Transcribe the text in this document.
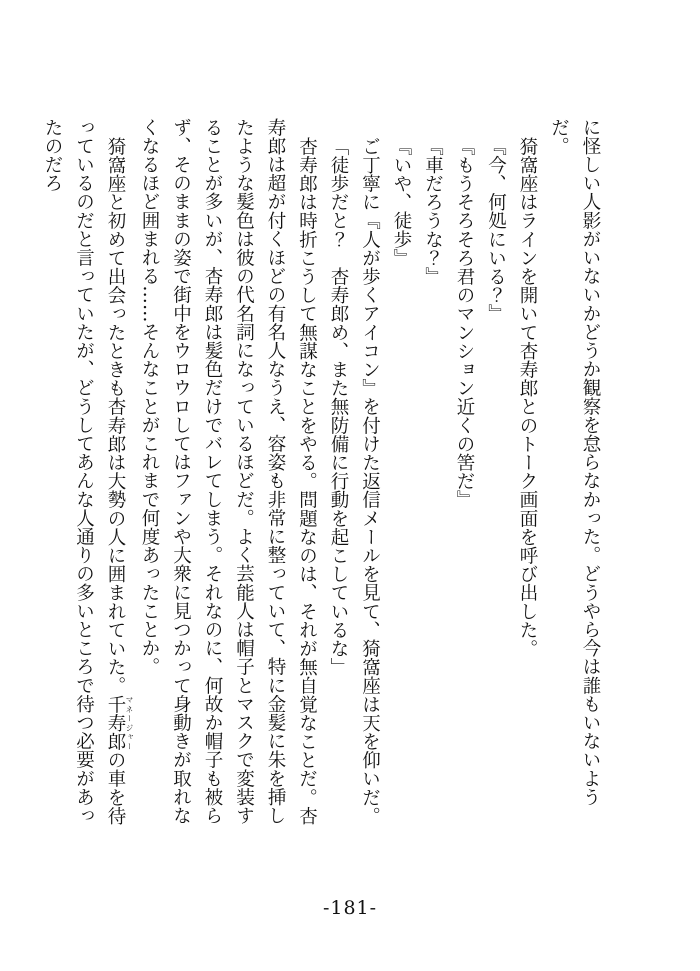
に怪しい人影がいないかどうか観察を怠らなかった。どうやら今は誰もいないようだ。

猗窩座はラインを開いて杏寿郎とのトーク画面を呼び出した。

『今、何処にいる？』

『もうそろそろ君のマンション近くの筈だ』

『車だろうな？』

『いや、徒歩』

ご丁寧に『人が歩くアイコン』を付けた返信メールを見て、猗窩座は天を仰いだ。

「徒歩だと？　杏寿郎め、また無防備に行動を起こしているな」

杏寿郎は時折こうして無謀なことをやる。問題なのは、それが無自覚なことだ。杏寿郎は超が付くほどの有名人なうえ、容姿も非常に整っていて、特に金髪に朱を挿したような髪色は彼の代名詞になっているほどだ。よく芸能人は帽子とマスクで変装することが多いが、杏寿郎は髪色だけでバレてしまう。それなのに、何故か帽子も被らず、そのままの姿で街中をウロウロしてはファンや大衆に見つかって身動きが取れなくなるほど囲まれる……そんなことがこれまで何度あったことか。

猗窩座と初めて出会ったときも杏寿郎は大勢の人に囲まれていた。千寿郎 マネージャーの車を待っているのだと言っていたが、どうしてあんな人通りの多いところで待つ必要があったのだろ

-181-
